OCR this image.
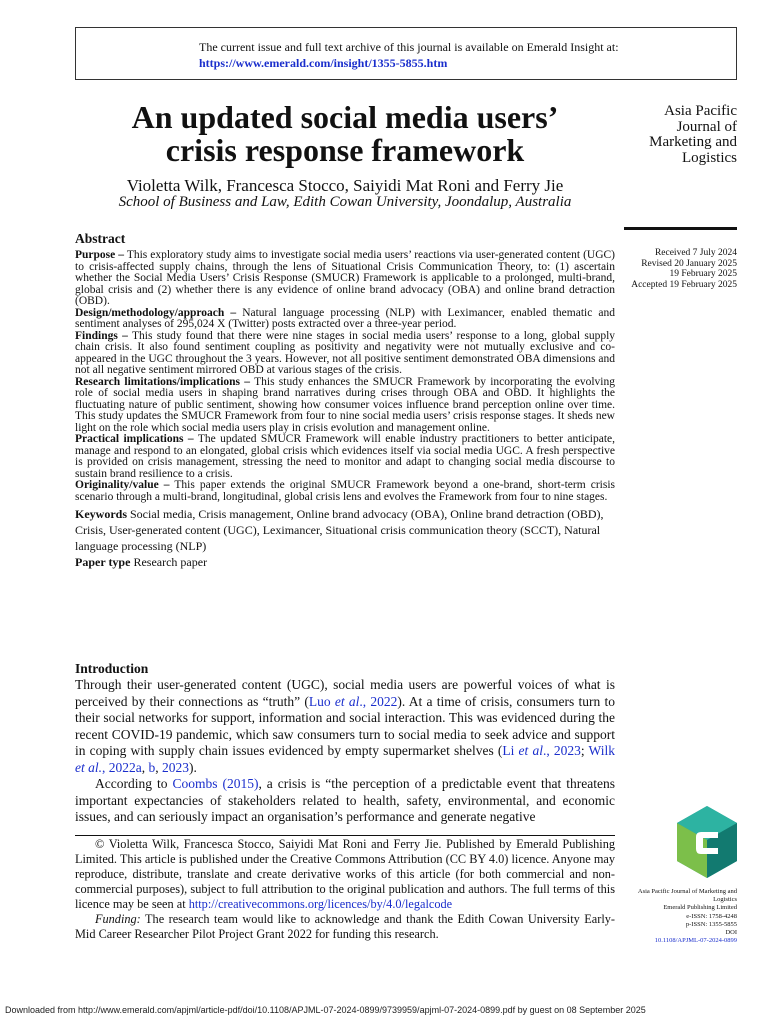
The current issue and full text archive of this journal is available on Emerald Insight at:
https://www.emerald.com/insight/1355-5855.htm
An updated social media users’
crisis response framework
Violetta Wilk, Francesca Stocco, Saiyidi Mat Roni and Ferry Jie
School of Business and Law, Edith Cowan University, Joondalup, Australia
Asia Pacific
Journal of
Marketing and
Logistics
Received 7 July 2024
Revised 20 January 2025
19 February 2025
Accepted 19 February 2025
Abstract

Purpose – This exploratory study aims to investigate social media users’ reactions via user-generated content (UGC) to crisis-affected supply chains, through the lens of Situational Crisis Communication Theory, to: (1) ascertain whether the Social Media Users’ Crisis Response (SMUCR) Framework is applicable to a prolonged, multi-brand, global crisis and (2) whether there is any evidence of online brand advocacy (OBA) and online brand detraction (OBD).

Design/methodology/approach – Natural language processing (NLP) with Leximancer, enabled thematic and sentiment analyses of 295,024 X (Twitter) posts extracted over a three-year period.

Findings – This study found that there were nine stages in social media users’ response to a long, global supply chain crisis. It also found sentiment coupling as positivity and negativity were not mutually exclusive and co-appeared in the UGC throughout the 3 years. However, not all positive sentiment demonstrated OBA dimensions and not all negative sentiment mirrored OBD at various stages of the crisis.

Research limitations/implications – This study enhances the SMUCR Framework by incorporating the evolving role of social media users in shaping brand narratives during crises through OBA and OBD. It highlights the fluctuating nature of public sentiment, showing how consumer voices influence brand perception online over time. This study updates the SMUCR Framework from four to nine social media users’ crisis response stages. It sheds new light on the role which social media users play in crisis evolution and management online.

Practical implications – The updated SMUCR Framework will enable industry practitioners to better anticipate, manage and respond to an elongated, global crisis which evidences itself via social media UGC. A fresh perspective is provided on crisis management, stressing the need to monitor and adapt to changing social media discourse to sustain brand resilience to a crisis.

Originality/value – This paper extends the original SMUCR Framework beyond a one-brand, short-term crisis scenario through a multi-brand, longitudinal, global crisis lens and evolves the Framework from four to nine stages.

Keywords Social media, Crisis management, Online brand advocacy (OBA), Online brand detraction (OBD), Crisis, User-generated content (UGC), Leximancer, Situational crisis communication theory (SCCT), Natural language processing (NLP)
Paper type Research paper
Introduction

Through their user-generated content (UGC), social media users are powerful voices of what is perceived by their connections as “truth” (Luo et al., 2022). At a time of crisis, consumers turn to their social networks for support, information and social interaction. This was evidenced during the recent COVID-19 pandemic, which saw consumers turn to social media to seek advice and support in coping with supply chain issues evidenced by empty supermarket shelves (Li et al., 2023; Wilk et al., 2022a, b, 2023).

According to Coombs (2015), a crisis is “the perception of a predictable event that threatens important expectancies of stakeholders related to health, safety, environmental, and economic issues, and can seriously impact an organisation’s performance and generate negative

© Violetta Wilk, Francesca Stocco, Saiyidi Mat Roni and Ferry Jie. Published by Emerald Publishing Limited. This article is published under the Creative Commons Attribution (CC BY 4.0) licence. Anyone may reproduce, distribute, translate and create derivative works of this article (for both commercial and non-commercial purposes), subject to full attribution to the original publication and authors. The full terms of this licence may be seen at http://creativecommons.org/licences/by/4.0/legalcode

Funding: The research team would like to acknowledge and thank the Edith Cowan University Early-Mid Career Researcher Pilot Project Grant 2022 for funding this research.

Asia Pacific Journal of Marketing and
Logistics
Emerald Publishing Limited
e-ISSN: 1758-4248
p-ISSN: 1355-5855
DOI
10.1108/APJML-07-2024-0899
Downloaded from http://www.emerald.com/apjml/article-pdf/doi/10.1108/APJML-07-2024-0899/9739959/apjml-07-2024-0899.pdf by guest on 08 September 2025
